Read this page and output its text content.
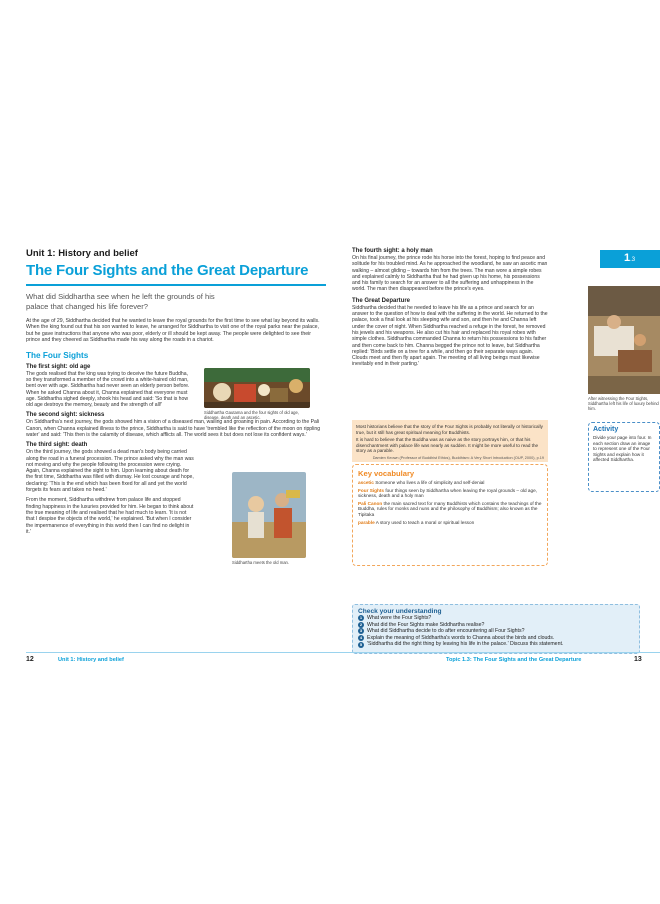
Unit 1: History and belief
The Four Sights and the Great Departure
What did Siddhartha see when he left the grounds of his palace that changed his life forever?
At the age of 29, Siddhartha decided that he wanted to leave the royal grounds for the first time to see what lay beyond its walls. When the king found out that his son wanted to leave, he arranged for Siddhartha to visit one of the royal parks near the palace, but he gave instructions that anyone who was poor, elderly or ill should be kept away. The people were delighted to see their prince and they cheered as Siddhartha made his way along the roads in a chariot.
The Four Sights
The first sight: old age
The gods realised that the king was trying to deceive the future Buddha, so they transformed a member of the crowd into a white-haired old man, bent over with age. Siddhartha had never seen an elderly person before. When he asked Channa about it, Channa explained that everyone must age. Siddhartha sighed deeply, shook his head and said: 'So that is how old age destroys the memory, beauty and the strength of all!'
The second sight: sickness
On Siddhartha's next journey, the gods showed him a vision of a diseased man, wailing and groaning in pain. According to the Pali Canon, when Channa explained illness to the prince, Siddhartha is said to have 'trembled like the reflection of the moon on rippling water' and said: 'This then is the calamity of disease, which afflicts all. The world sees it but does not lose its confident ways.'
The third sight: death
On the third journey, the gods showed a dead man's body being carried along the road in a funeral procession. The prince asked why the man was not moving and why the people following the procession were crying. Again, Channa explained the sight to him. Upon learning about death for the first time, Siddhartha was filled with dismay. He lost courage and hope, declaring: 'This is the end which has been fixed for all and yet the world forgets its fears and takes no heed.'
From the moment, Siddhartha withdrew from palace life and stopped finding happiness in the luxuries provided for him. He began to think about the true meaning of life and realised that he had much to learn. 'It is not that I despise the objects of the world,' he explained. 'But when I consider the impermanence of everything in this world then I can find no delight in it.'
Siddhartha Gautama and the four sights of old age, disease, death and an ascetic.
Siddhartha meets the old man.
The fourth sight: a holy man
On his final journey, the prince rode his horse into the forest, hoping to find peace and solitude for his troubled mind. As he approached the woodland, he saw an ascetic man walking – almost gliding – towards him from the trees. The man wore a simple robes and explained calmly to Siddhartha that he had given up his home, his possessions and his family to search for an answer to all the suffering and unhappiness in the world. The man then disappeared before the prince's eyes.
The Great Departure
Siddhartha decided that he needed to leave his life as a prince and search for an answer to the question of how to deal with the suffering in the world. He returned to the palace, took a final look at his sleeping wife and son, and then he and Channa left under the cover of night. When Siddhartha reached a refuge in the forest, he removed his jewels and his weapons. He also cut his hair and replaced his royal robes with simple clothes. Siddhartha commanded Channa to return his possessions to his father and then come back to him. Channa begged the prince not to leave, but Siddhartha replied: 'Birds settle on a tree for a while, and then go their separate ways again. Clouds meet and then fly apart again. The meeting of all living beings must likewise inevitably end in their parting.'
Most historians believe that the story of the Four Sights is probably not literally or historically true, but it still has great spiritual meaning for Buddhists.
It is hard to believe that the Buddha was as naive as the story portrays him, or that his disenchantment with palace life was nearly as sudden. It might be more useful to read the story as a parable.
Damien Keown (Professor of Buddhist Ethics), Buddhism: A Very Short Introduction (OUP, 2000), p.19
Key vocabulary
ascetic Someone who lives a life of simplicity and self-denial
Four Sights four things seen by Siddhartha when leaving the royal grounds – old age, sickness, death and a holy man
Pali Canon the main sacred text for many Buddhists which contains the teachings of the Buddha, rules for monks and nuns and the philosophy of Buddhism; also known as the Tipitaka
parable A story used to teach a moral or spiritual lesson
Check your understanding
1 What were the Four Sights?
2 What did the Four Sights make Siddhartha realise?
3 What did Siddhartha decide to do after encountering all Four Sights?
4 Explain the meaning of Siddhartha's words to Channa about the birds and clouds.
5 'Siddhartha did the right thing by leaving his life in the palace.' Discuss this statement.
1.3
After witnessing the Four Sights, Siddhartha left his life of luxury behind him.
Activity
Divide your page into four. In each section draw an image to represent one of the Four Sights and explain how it affected Siddhartha.
12	Unit 1: History and belief	Topic 1.3: The Four Sights and the Great Departure	13
